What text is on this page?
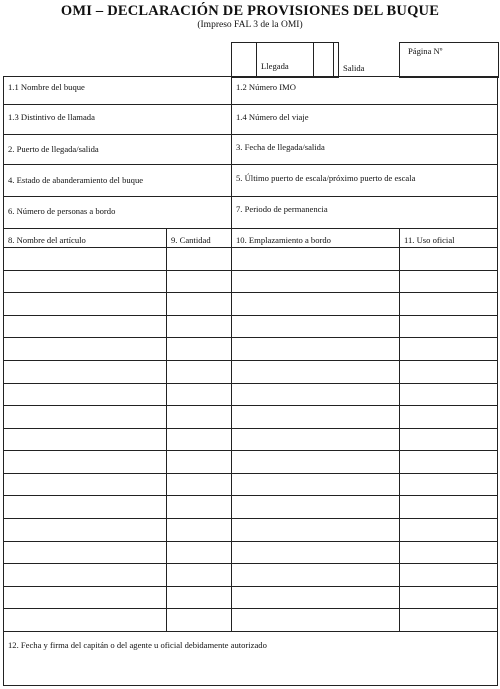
OMI – DECLARACIÓN DE PROVISIONES DEL BUQUE
(Impreso FAL 3 de la OMI)
Llegada	Salida
Página Nº
1.1 Nombre del buque	1.2 Número IMO
1.3 Distintivo de llamada	1.4 Número del viaje
2. Puerto de llegada/salida	3. Fecha de llegada/salida
4. Estado de abanderamiento del buque	5. Último puerto de escala/próximo puerto de escala
6. Número de personas a bordo	7. Periodo de permanencia
8. Nombre del artículo	9. Cantidad	10. Emplazamiento a bordo	11. Uso oficial
12. Fecha y firma del capitán o del agente u oficial debidamente autorizado
